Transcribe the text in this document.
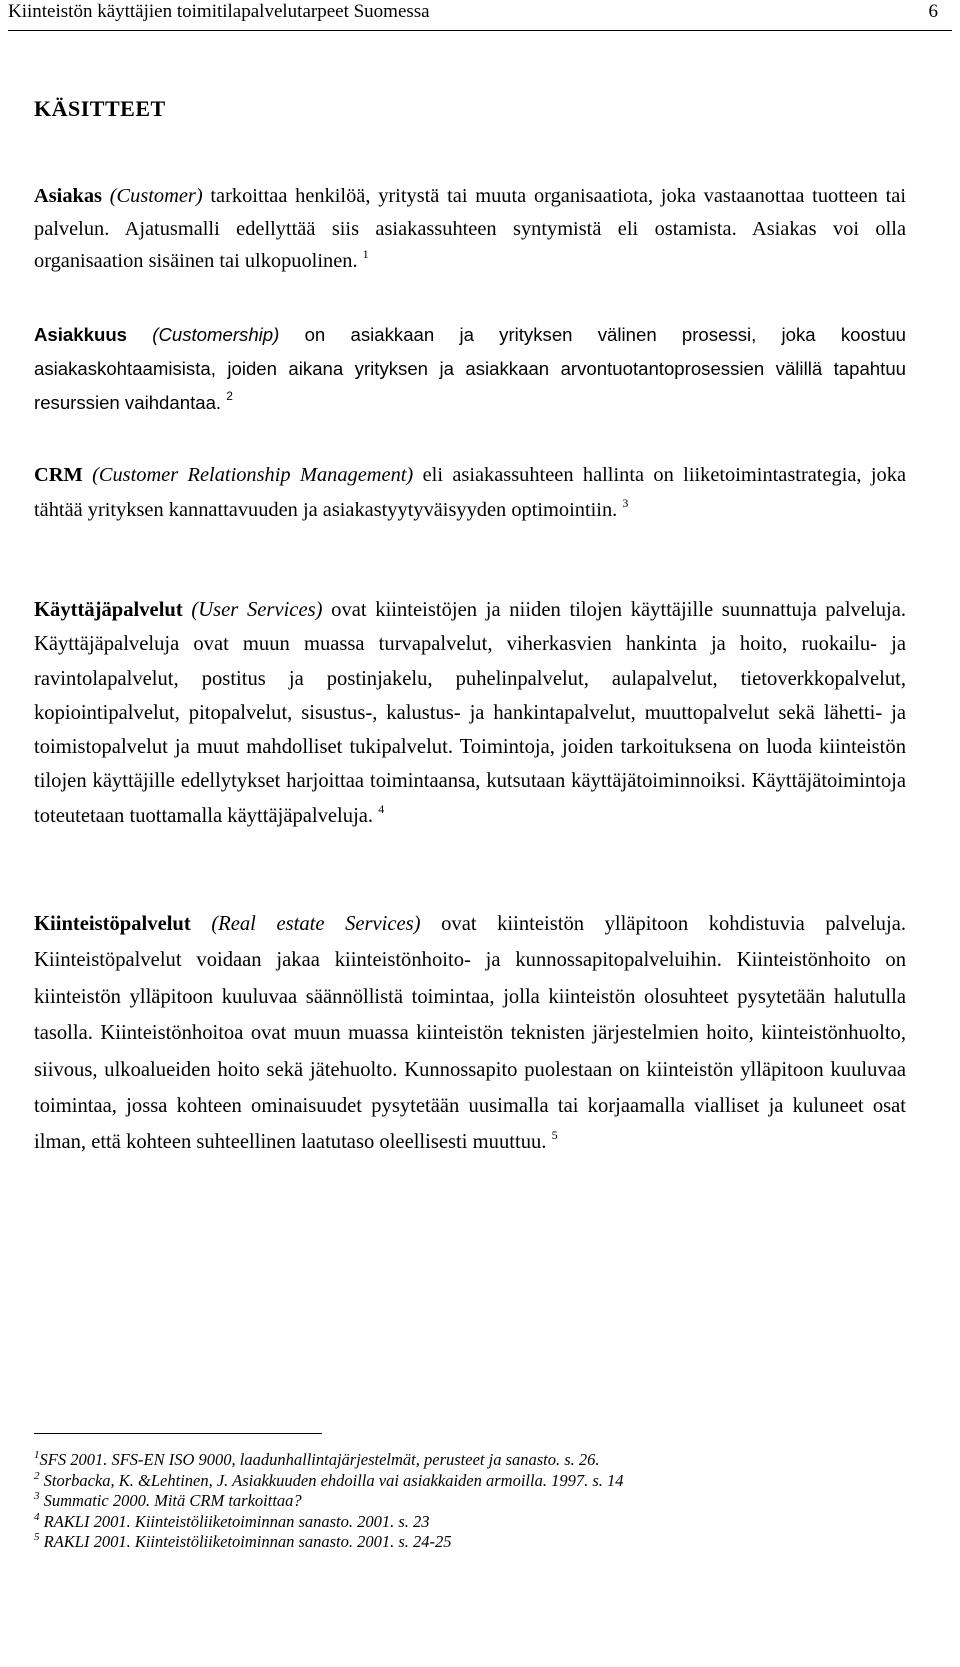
Kiinteistön käyttäjien toimitilapalvelutarpeet Suomessa	6
KÄSITTEET

Asiakas (Customer) tarkoittaa henkilöä, yritystä tai muuta organisaatiota, joka vastaanottaa tuotteen tai palvelun. Ajatusmalli edellyttää siis asiakassuhteen syntymistä eli ostamista. Asiakas voi olla organisaation sisäinen tai ulkopuolinen. $^1$

Asiakkuus (Customership) on asiakkaan ja yrityksen välinen prosessi, joka koostuu asiakaskohtaamisista, joiden aikana yrityksen ja asiakkaan arvontuotantoprosessien välillä tapahtuu resurssien vaihdantaa. $^2$

CRM (Customer Relationship Management) eli asiakassuhteen hallinta on liiketoimintastrategia, joka tähtää yrityksen kannattavuuden ja asiakastyytyväisyyden optimointiin. $^3$

Käyttäjäpalvelut (User Services) ovat kiinteistöjen ja niiden tilojen käyttäjille suunnattuja palveluja. Käyttäjäpalveluja ovat muun muassa turvapalvelut, viherkasvien hankinta ja hoito, ruokailu- ja ravintolapalvelut, postitus ja postinjakelu, puhelinpalvelut, aulapalvelut, tietoverkkopalvelut, kopiointipalvelut, pitopalvelut, sisustus-, kalustus- ja hankintapalvelut, muuttopalvelut sekä lähetti- ja toimistopalvelut ja muut mahdolliset tukipalvelut. Toimintoja, joiden tarkoituksena on luoda kiinteistön tilojen käyttäjille edellytykset harjoittaa toimintaansa, kutsutaan käyttäjätoiminnoiksi. Käyttäjätoimintoja toteutetaan tuottamalla käyttäjäpalveluja. $^4$

Kiinteistöpalvelut (Real estate Services) ovat kiinteistön ylläpitoon kohdistuvia palveluja. Kiinteistöpalvelut voidaan jakaa kiinteistönhoito- ja kunnossapitopalveluihin. Kiinteistönhoito on kiinteistön ylläpitoon kuuluvaa säännöllistä toimintaa, jolla kiinteistön olosuhteet pysytetään halutulla tasolla. Kiinteistönhoitoa ovat muun muassa kiinteistön teknisten järjestelmien hoito, kiinteistönhuolto, siivous, ulkoalueiden hoito sekä jätehuolto. Kunnossapito puolestaan on kiinteistön ylläpitoon kuuluvaa toimintaa, jossa kohteen ominaisuudet pysytetään uusimalla tai korjaamalla vialliset ja kuluneet osat ilman, että kohteen suhteellinen laatutaso oleellisesti muuttuu. $^5$

$^1$SFS 2001. SFS-EN ISO 9000, laadunhallintajärjestelmät, perusteet ja sanasto. s. 26.
$^2$ Storbacka, K. &Lehtinen, J. Asiakkuuden ehdoilla vai asiakkaiden armoilla. 1997. s. 14
$^3$ Summatic 2000. Mitä CRM tarkoittaa?
$^4$ RAKLI 2001. Kiinteistöliiketoiminnan sanasto. 2001. s. 23
$^5$ RAKLI 2001. Kiinteistöliiketoiminnan sanasto. 2001. s. 24-25
